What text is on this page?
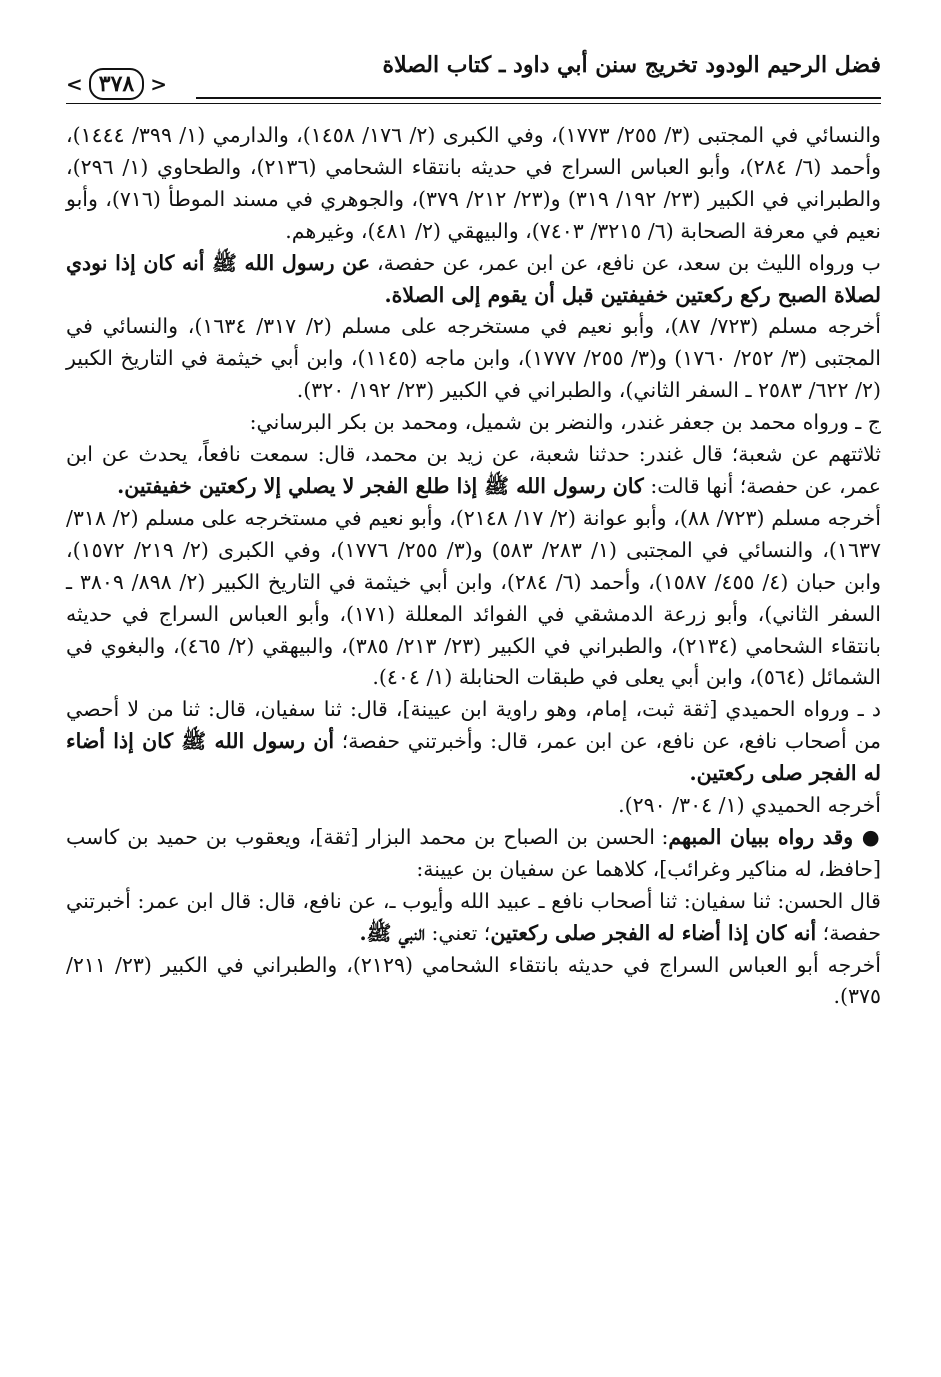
فضل الرحيم الودود تخريج سنن أبي داود ـ كتاب الصلاة
< ٣٧٨ >

والنسائي في المجتبى (٣/ ٢٥٥/ ١٧٧٣)، وفي الكبرى (٢/ ١٧٦/ ١٤٥٨)، والدارمي (١/ ٣٩٩/ ١٤٤٤)، وأحمد (٦/ ٢٨٤)، وأبو العباس السراج في حديثه بانتقاء الشحامي (٢١٣٦)، والطحاوي (١/ ٢٩٦)، والطبراني في الكبير (٢٣/ ١٩٢/ ٣١٩) و(٢٣/ ٢١٢/ ٣٧٩)، والجوهري في مسند الموطأ (٧١٦)، وأبو نعيم في معرفة الصحابة (٦/ ٣٢١٥/ ٧٤٠٣)، والبيهقي (٢/ ٤٨١)، وغيرهم.

ب ورواه الليث بن سعد، عن نافع، عن ابن عمر، عن حفصة، عن رسول الله ﷺ أنه كان إذا نودي لصلاة الصبح ركع ركعتين خفيفتين قبل أن يقوم إلى الصلاة.

أخرجه مسلم (٧٢٣/ ٨٧)، وأبو نعيم في مستخرجه على مسلم (٢/ ٣١٧/ ١٦٣٤)، والنسائي في المجتبى (٣/ ٢٥٢/ ١٧٦٠) و(٣/ ٢٥٥/ ١٧٧٧)، وابن ماجه (١١٤٥)، وابن أبي خيثمة في التاريخ الكبير (٢/ ٦٢٢/ ٢٥٨٣ ـ السفر الثاني)، والطبراني في الكبير (٢٣/ ١٩٢/ ٣٢٠).

ج ـ ورواه محمد بن جعفر غندر، والنضر بن شميل، ومحمد بن بكر البرساني:

ثلاثتهم عن شعبة؛ قال غندر: حدثنا شعبة، عن زيد بن محمد، قال: سمعت نافعاً، يحدث عن ابن عمر، عن حفصة؛ أنها قالت: كان رسول الله ﷺ إذا طلع الفجر لا يصلي إلا ركعتين خفيفتين.

أخرجه مسلم (٧٢٣/ ٨٨)، وأبو عوانة (٢/ ١٧/ ٢١٤٨)، وأبو نعيم في مستخرجه على مسلم (٢/ ٣١٨/ ١٦٣٧)، والنسائي في المجتبى (١/ ٢٨٣/ ٥٨٣) و(٣/ ٢٥٥/ ١٧٧٦)، وفي الكبرى (٢/ ٢١٩/ ١٥٧٢)، وابن حبان (٤/ ٤٥٥/ ١٥٨٧)، وأحمد (٦/ ٢٨٤)، وابن أبي خيثمة في التاريخ الكبير (٢/ ٨٩٨/ ٣٨٠٩ ـ السفر الثاني)، وأبو زرعة الدمشقي في الفوائد المعللة (١٧١)، وأبو العباس السراج في حديثه بانتقاء الشحامي (٢١٣٤)، والطبراني في الكبير (٢٣/ ٢١٣/ ٣٨٥)، والبيهقي (٢/ ٤٦٥)، والبغوي في الشمائل (٥٦٤)، وابن أبي يعلى في طبقات الحنابلة (١/ ٤٠٤).

د ـ ورواه الحميدي [ثقة ثبت، إمام، وهو راوية ابن عيينة]، قال: ثنا سفيان، قال: ثنا من لا أحصي من أصحاب نافع، عن نافع، عن ابن عمر، قال: وأخبرتني حفصة؛ أن رسول الله ﷺ كان إذا أضاء له الفجر صلى ركعتين.

أخرجه الحميدي (١/ ٣٠٤/ ٢٩٠).

● وقد رواه ببيان المبهم: الحسن بن الصباح بن محمد البزار [ثقة]، ويعقوب بن حميد بن كاسب [حافظ، له مناكير وغرائب]، كلاهما عن سفيان بن عيينة:

قال الحسن: ثنا سفيان: ثنا أصحاب نافع ـ عبيد الله وأيوب ـ، عن نافع، قال: قال ابن عمر: أخبرتني حفصة؛ أنه كان إذا أضاء له الفجر صلى ركعتين؛ تعني: النبي ﷺ.

أخرجه أبو العباس السراج في حديثه بانتقاء الشحامي (٢١٢٩)، والطبراني في الكبير (٢٣/ ٢١١/ ٣٧٥).
